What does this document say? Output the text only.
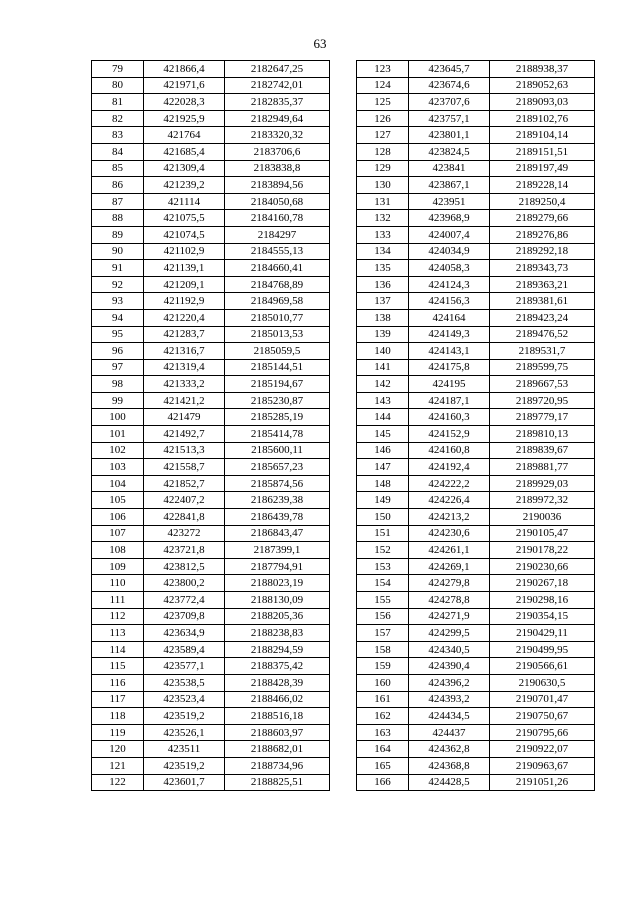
63
79	421866,4	2182647,25
80	421971,6	2182742,01
81	422028,3	2182835,37
82	421925,9	2182949,64
83	421764	2183320,32
84	421685,4	2183706,6
85	421309,4	2183838,8
86	421239,2	2183894,56
87	421114	2184050,68
88	421075,5	2184160,78
89	421074,5	2184297
90	421102,9	2184555,13
91	421139,1	2184660,41
92	421209,1	2184768,89
93	421192,9	2184969,58
94	421220,4	2185010,77
95	421283,7	2185013,53
96	421316,7	2185059,5
97	421319,4	2185144,51
98	421333,2	2185194,67
99	421421,2	2185230,87
100	421479	2185285,19
101	421492,7	2185414,78
102	421513,3	2185600,11
103	421558,7	2185657,23
104	421852,7	2185874,56
105	422407,2	2186239,38
106	422841,8	2186439,78
107	423272	2186843,47
108	423721,8	2187399,1
109	423812,5	2187794,91
110	423800,2	2188023,19
111	423772,4	2188130,09
112	423709,8	2188205,36
113	423634,9	2188238,83
114	423589,4	2188294,59
115	423577,1	2188375,42
116	423538,5	2188428,39
117	423523,4	2188466,02
118	423519,2	2188516,18
119	423526,1	2188603,97
120	423511	2188682,01
121	423519,2	2188734,96
122	423601,7	2188825,51
123	423645,7	2188938,37
124	423674,6	2189052,63
125	423707,6	2189093,03
126	423757,1	2189102,76
127	423801,1	2189104,14
128	423824,5	2189151,51
129	423841	2189197,49
130	423867,1	2189228,14
131	423951	2189250,4
132	423968,9	2189279,66
133	424007,4	2189276,86
134	424034,9	2189292,18
135	424058,3	2189343,73
136	424124,3	2189363,21
137	424156,3	2189381,61
138	424164	2189423,24
139	424149,3	2189476,52
140	424143,1	2189531,7
141	424175,8	2189599,75
142	424195	2189667,53
143	424187,1	2189720,95
144	424160,3	2189779,17
145	424152,9	2189810,13
146	424160,8	2189839,67
147	424192,4	2189881,77
148	424222,2	2189929,03
149	424226,4	2189972,32
150	424213,2	2190036
151	424230,6	2190105,47
152	424261,1	2190178,22
153	424269,1	2190230,66
154	424279,8	2190267,18
155	424278,8	2190298,16
156	424271,9	2190354,15
157	424299,5	2190429,11
158	424340,5	2190499,95
159	424390,4	2190566,61
160	424396,2	2190630,5
161	424393,2	2190701,47
162	424434,5	2190750,67
163	424437	2190795,66
164	424362,8	2190922,07
165	424368,8	2190963,67
166	424428,5	2191051,26
